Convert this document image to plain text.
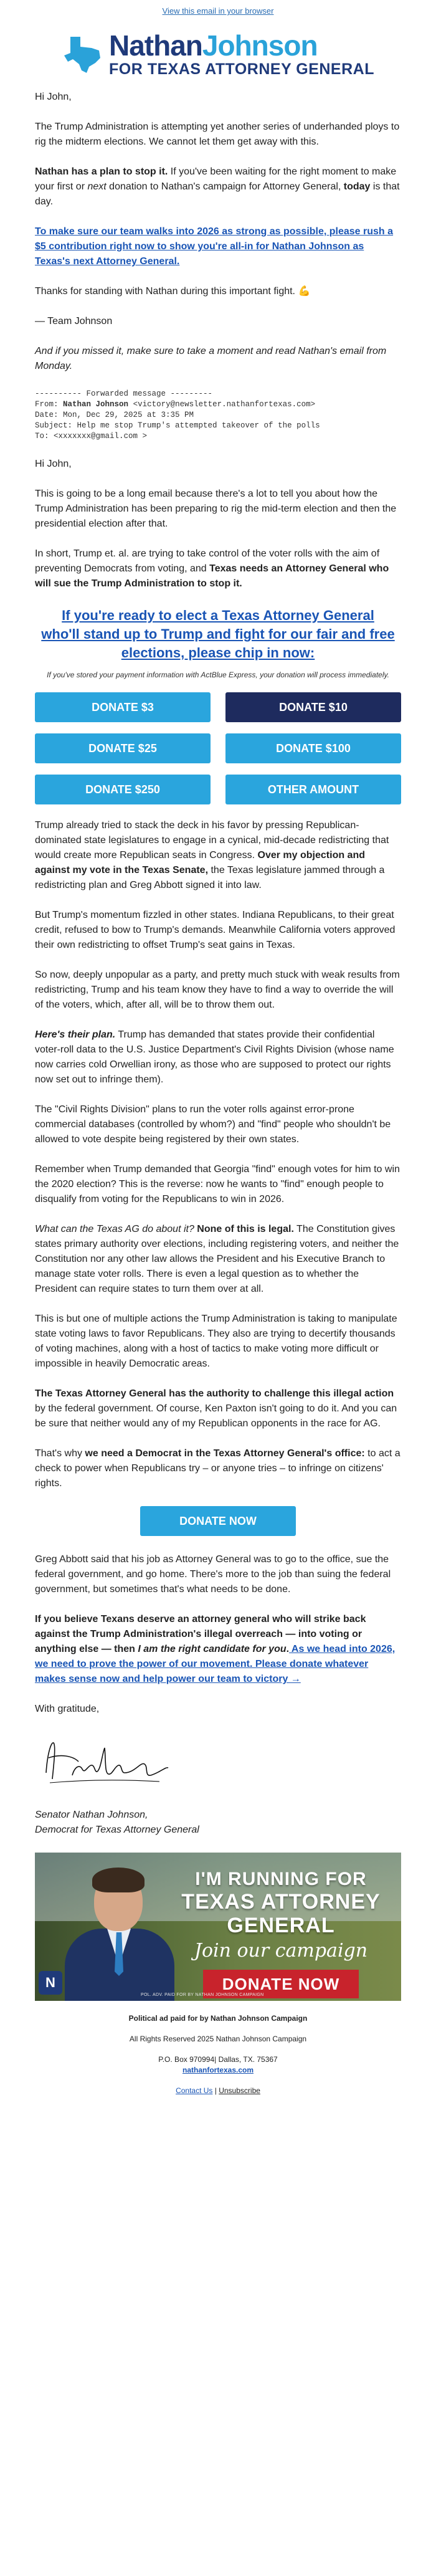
View this email in your browser
NathanJohnson
FOR TEXAS ATTORNEY GENERAL

Hi John,

The Trump Administration is attempting yet another series of underhanded ploys to rig the midterm elections. We cannot let them get away with this.

Nathan has a plan to stop it. If you've been waiting for the right moment to make your first or next donation to Nathan's campaign for Attorney General, today is that day.

To make sure our team walks into 2026 as strong as possible, please rush a $5 contribution right now to show you're all-in for Nathan Johnson as Texas's next Attorney General.

Thanks for standing with Nathan during this important fight. 💪

— Team Johnson

And if you missed it, make sure to take a moment and read Nathan's email from Monday.

---------- Forwarded message ---------
From: Nathan Johnson <victory@newsletter.nathanfortexas.com>
Date: Mon, Dec 29, 2025 at 3:35 PM
Subject: Help me stop Trump's attempted takeover of the polls
To: <xxxxxxx@gmail.com >

Hi John,

This is going to be a long email because there's a lot to tell you about how the Trump Administration has been preparing to rig the mid-term election and then the presidential election after that.

In short, Trump et. al. are trying to take control of the voter rolls with the aim of preventing Democrats from voting, and Texas needs an Attorney General who will sue the Trump Administration to stop it.

If you're ready to elect a Texas Attorney General who'll stand up to Trump and fight for our fair and free elections, please chip in now:
If you've stored your payment information with ActBlue Express, your donation will process immediately.
DONATE $3	DONATE $10
DONATE $25	DONATE $100
DONATE $250	OTHER AMOUNT

Trump already tried to stack the deck in his favor by pressing Republican-dominated state legislatures to engage in a cynical, mid-decade redistricting that would create more Republican seats in Congress. Over my objection and against my vote in the Texas Senate, the Texas legislature jammed through a redistricting plan and Greg Abbott signed it into law.

But Trump's momentum fizzled in other states. Indiana Republicans, to their great credit, refused to bow to Trump's demands. Meanwhile California voters approved their own redistricting to offset Trump's seat gains in Texas.

So now, deeply unpopular as a party, and pretty much stuck with weak results from redistricting, Trump and his team know they have to find a way to override the will of the voters, which, after all, will be to throw them out.

Here's their plan. Trump has demanded that states provide their confidential voter-roll data to the U.S. Justice Department's Civil Rights Division (whose name now carries cold Orwellian irony, as those who are supposed to protect our rights now set out to infringe them).

The "Civil Rights Division" plans to run the voter rolls against error-prone commercial databases (controlled by whom?) and "find" people who shouldn't be allowed to vote despite being registered by their own states.

Remember when Trump demanded that Georgia "find" enough votes for him to win the 2020 election? This is the reverse: now he wants to "find" enough people to disqualify from voting for the Republicans to win in 2026.

What can the Texas AG do about it? None of this is legal. The Constitution gives states primary authority over elections, including registering voters, and neither the Constitution nor any other law allows the President and his Executive Branch to manage state voter rolls. There is even a legal question as to whether the President can require states to turn them over at all.

This is but one of multiple actions the Trump Administration is taking to manipulate state voting laws to favor Republicans. They also are trying to decertify thousands of voting machines, along with a host of tactics to make voting more difficult or impossible in heavily Democratic areas.

The Texas Attorney General has the authority to challenge this illegal action by the federal government. Of course, Ken Paxton isn't going to do it. And you can be sure that neither would any of my Republican opponents in the race for AG.

That's why we need a Democrat in the Texas Attorney General's office: to act a check to power when Republicans try – or anyone tries – to infringe on citizens' rights.

DONATE NOW

Greg Abbott said that his job as Attorney General was to go to the office, sue the federal government, and go home. There's more to the job than suing the federal government, but sometimes that's what needs to be done.

If you believe Texans deserve an attorney general who will strike back against the Trump Administration's illegal overreach — into voting or anything else — then I am the right candidate for you. As we head into 2026, we need to prove the power of our movement. Please donate whatever makes sense now and help power our team to victory →

With gratitude,

Senator Nathan Johnson,
Democrat for Texas Attorney General
N
I'M RUNNING FOR
TEXAS ATTORNEY GENERAL
Join our campaign
DONATE NOW
POL. ADV. PAID FOR BY NATHAN JOHNSON CAMPAIGN
Political ad paid for by Nathan Johnson Campaign
All Rights Reserved 2025 Nathan Johnson Campaign
P.O. Box 970994| Dallas, TX. 75367
nathanfortexas.com
Contact Us | Unsubscribe
